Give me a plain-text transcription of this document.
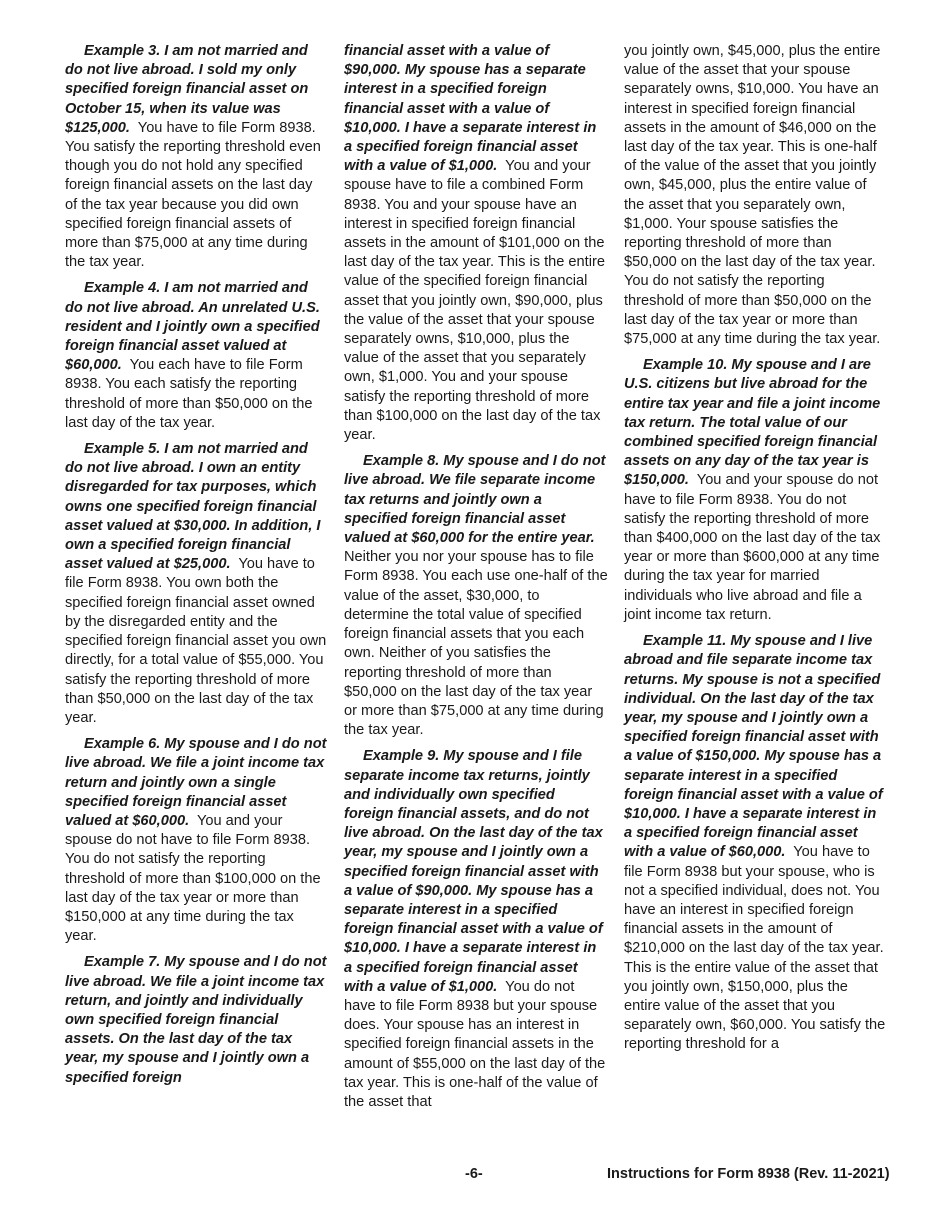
Example 3. I am not married and do not live abroad. I sold my only specified foreign financial asset on October 15, when its value was $125,000. You have to file Form 8938. You satisfy the reporting threshold even though you do not hold any specified foreign financial assets on the last day of the tax year because you did own specified foreign financial assets of more than $75,000 at any time during the tax year.

Example 4. I am not married and do not live abroad. An unrelated U.S. resident and I jointly own a specified foreign financial asset valued at $60,000. You each have to file Form 8938. You each satisfy the reporting threshold of more than $50,000 on the last day of the tax year.

Example 5. I am not married and do not live abroad. I own an entity disregarded for tax purposes, which owns one specified foreign financial asset valued at $30,000. In addition, I own a specified foreign financial asset valued at $25,000. You have to file Form 8938. You own both the specified foreign financial asset owned by the disregarded entity and the specified foreign financial asset you own directly, for a total value of $55,000. You satisfy the reporting threshold of more than $50,000 on the last day of the tax year.

Example 6. My spouse and I do not live abroad. We file a joint income tax return and jointly own a single specified foreign financial asset valued at $60,000. You and your spouse do not have to file Form 8938. You do not satisfy the reporting threshold of more than $100,000 on the last day of the tax year or more than $150,000 at any time during the tax year.

Example 7. My spouse and I do not live abroad. We file a joint income tax return, and jointly and individually own specified foreign financial assets. On the last day of the tax year, my spouse and I jointly own a specified foreign

financial asset with a value of $90,000. My spouse has a separate interest in a specified foreign financial asset with a value of $10,000. I have a separate interest in a specified foreign financial asset with a value of $1,000. You and your spouse have to file a combined Form 8938. You and your spouse have an interest in specified foreign financial assets in the amount of $101,000 on the last day of the tax year. This is the entire value of the specified foreign financial asset that you jointly own, $90,000, plus the value of the asset that your spouse separately owns, $10,000, plus the value of the asset that you separately own, $1,000. You and your spouse satisfy the reporting threshold of more than $100,000 on the last day of the tax year.

Example 8. My spouse and I do not live abroad. We file separate income tax returns and jointly own a specified foreign financial asset valued at $60,000 for the entire year.  Neither you nor your spouse has to file Form 8938. You each use one-half of the value of the asset, $30,000, to determine the total value of specified foreign financial assets that you each own. Neither of you satisfies the reporting threshold of more than $50,000 on the last day of the tax year or more than $75,000 at any time during the tax year.

Example 9. My spouse and I file separate income tax returns, jointly and individually own specified foreign financial assets, and do not live abroad. On the last day of the tax year, my spouse and I jointly own a specified foreign financial asset with a value of $90,000. My spouse has a separate interest in a specified foreign financial asset with a value of $10,000. I have a separate interest in a specified foreign financial asset with a value of $1,000. You do not have to file Form 8938 but your spouse does. Your spouse has an interest in specified foreign financial assets in the amount of $55,000 on the last day of the tax year. This is one-half of the value of the asset that

you jointly own, $45,000, plus the entire value of the asset that your spouse separately owns, $10,000. You have an interest in specified foreign financial assets in the amount of $46,000 on the last day of the tax year. This is one-half of the value of the asset that you jointly own, $45,000, plus the entire value of the asset that you separately own, $1,000. Your spouse satisfies the reporting threshold of more than $50,000 on the last day of the tax year. You do not satisfy the reporting threshold of more than $50,000 on the last day of the tax year or more than $75,000 at any time during the tax year.

Example 10. My spouse and I are U.S. citizens but live abroad for the entire tax year and file a joint income tax return. The total value of our combined specified foreign financial assets on any day of the tax year is $150,000. You and your spouse do not have to file Form 8938. You do not satisfy the reporting threshold of more than $400,000 on the last day of the tax year or more than $600,000 at any time during the tax year for married individuals who live abroad and file a joint income tax return.

Example 11. My spouse and I live abroad and file separate income tax returns. My spouse is not a specified individual. On the last day of the tax year, my spouse and I jointly own a specified foreign financial asset with a value of $150,000. My spouse has a separate interest in a specified foreign financial asset with a value of $10,000. I have a separate interest in a specified foreign financial asset with a value of $60,000. You have to file Form 8938 but your spouse, who is not a specified individual, does not. You have an interest in specified foreign financial assets in the amount of $210,000 on the last day of the tax year. This is the entire value of the asset that you jointly own, $150,000, plus the entire value of the asset that you separately own, $60,000. You satisfy the reporting threshold for a

-6-	Instructions for Form 8938 (Rev. 11-2021)
